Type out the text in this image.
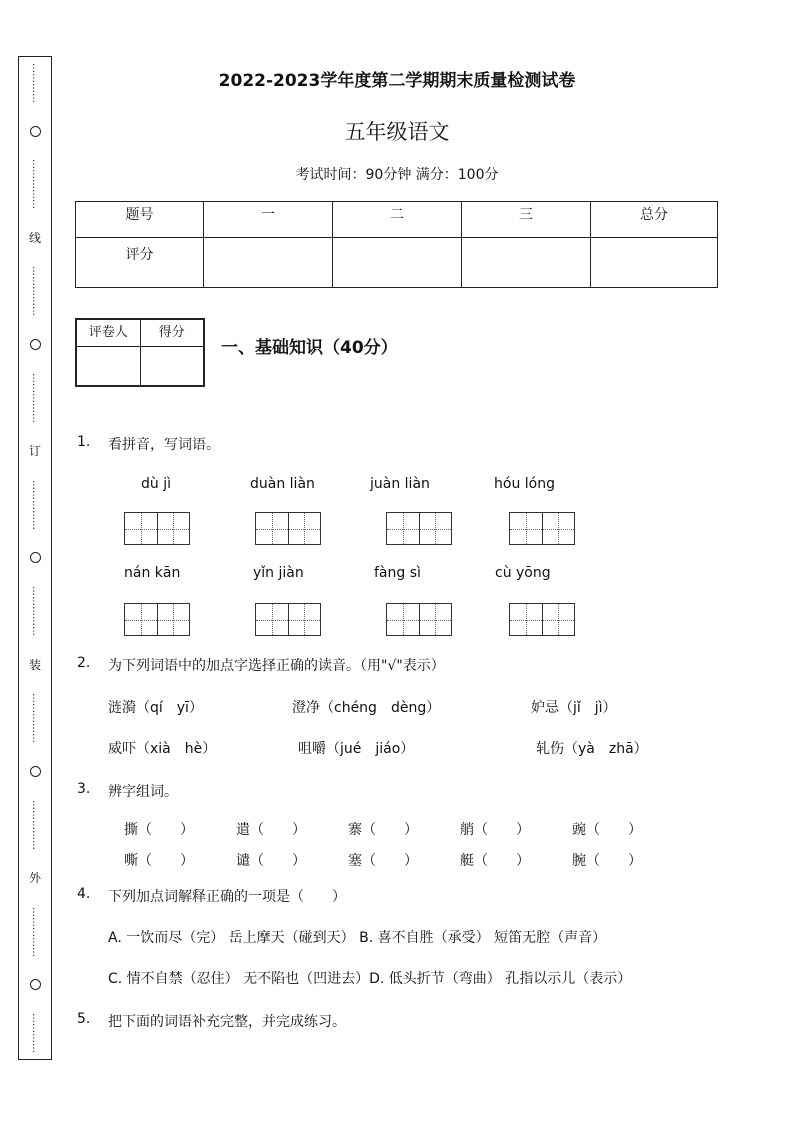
…………
……………
线
……………
……………
订
……………
……………
装
……………
……………
外
……………
…………
2022-2023学年度第二学期期末质量检测试卷
五年级语文
考试时间：90分钟 满分：100分
题号	一	二	三	总分
评分				
评卷人	得分

一、基础知识（40分）
1. 看拼音，写词语。
dù jì	duàn liàn	juàn liàn	hóu lóng
nán kān	yǐn jiàn	fàng sì	cù yōng
2. 为下列词语中的加点字选择正确的读音。（用"√"表示）
涟漪（qí　yī）	澄净（chéng　dèng）	妒忌（jǐ　jì）
威吓（xià　hè）	咀嚼（jué　jiáo）	轧伤（yà　zhā）
3. 辨字组词。
撕（　　）	遣（　　）	寨（　　）	艄（　　）	豌（　　）
嘶（　　）	谴（　　）	塞（　　）	艇（　　）	腕（　　）
4. 下列加点词解释正确的一项是（　　）
A. 一饮而尽（完） 岳上摩天（碰到天） B. 喜不自胜（承受） 短笛无腔（声音）
C. 情不自禁（忍住） 无不陷也（凹进去）D. 低头折节（弯曲） 孔指以示儿（表示）
5. 把下面的词语补充完整，并完成练习。
